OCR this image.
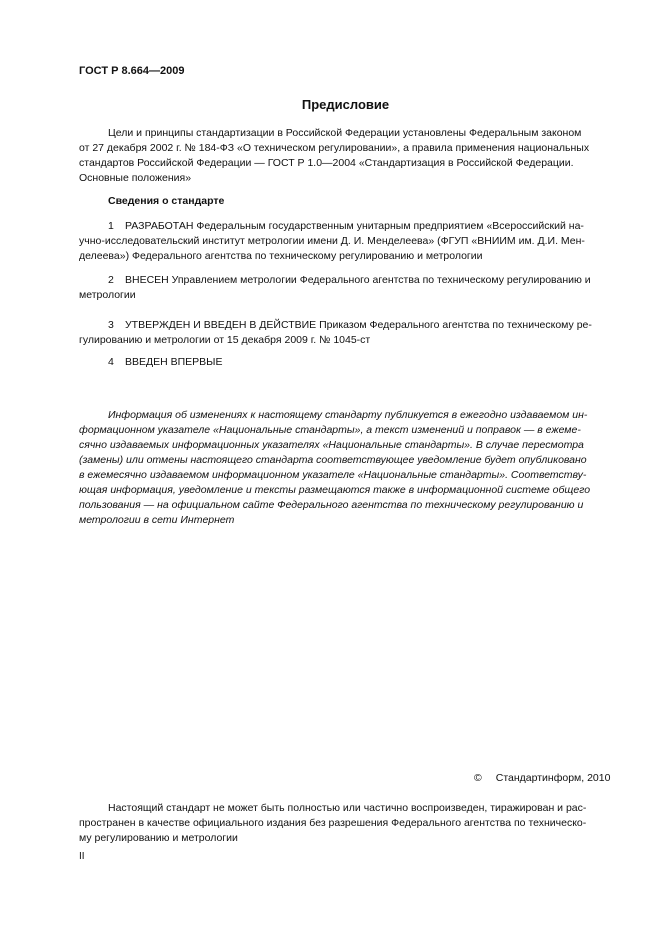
ГОСТ Р 8.664—2009
Предисловие
Цели и принципы стандартизации в Российской Федерации установлены Федеральным законом
от 27 декабря 2002 г. № 184-ФЗ «О техническом регулировании», а правила применения национальных
стандартов Российской Федерации — ГОСТ Р 1.0—2004 «Стандартизация в Российской Федерации.
Основные положения»
Сведения о стандарте
1 РАЗРАБОТАН Федеральным государственным унитарным предприятием «Всероссийский на-
учно-исследовательский институт метрологии имени Д. И. Менделеева» (ФГУП «ВНИИМ им. Д.И. Мен-
делеева») Федерального агентства по техническому регулированию и метрологии
2 ВНЕСЕН Управлением метрологии Федерального агентства по техническому регулированию и
метрологии
3 УТВЕРЖДЕН И ВВЕДЕН В ДЕЙСТВИЕ Приказом Федерального агентства по техническому ре-
гулированию и метрологии от 15 декабря 2009 г. № 1045-ст
4 ВВЕДЕН ВПЕРВЫЕ
Информация об изменениях к настоящему стандарту публикуется в ежегодно издаваемом ин-
формационном указателе «Национальные стандарты», а текст изменений и поправок — в ежеме-
сячно издаваемых информационных указателях «Национальные стандарты». В случае пересмотра
(замены) или отмены настоящего стандарта соответствующее уведомление будет опубликовано
в ежемесячно издаваемом информационном указателе «Национальные стандарты». Соответству-
ющая информация, уведомление и тексты размещаются также в информационной системе общего
пользования — на официальном сайте Федерального агентства по техническому регулированию и
метрологии в сети Интернет
© Стандартинформ, 2010
Настоящий стандарт не может быть полностью или частично воспроизведен, тиражирован и рас-
пространен в качестве официального издания без разрешения Федерального агентства по техническо-
му регулированию и метрологии
II
